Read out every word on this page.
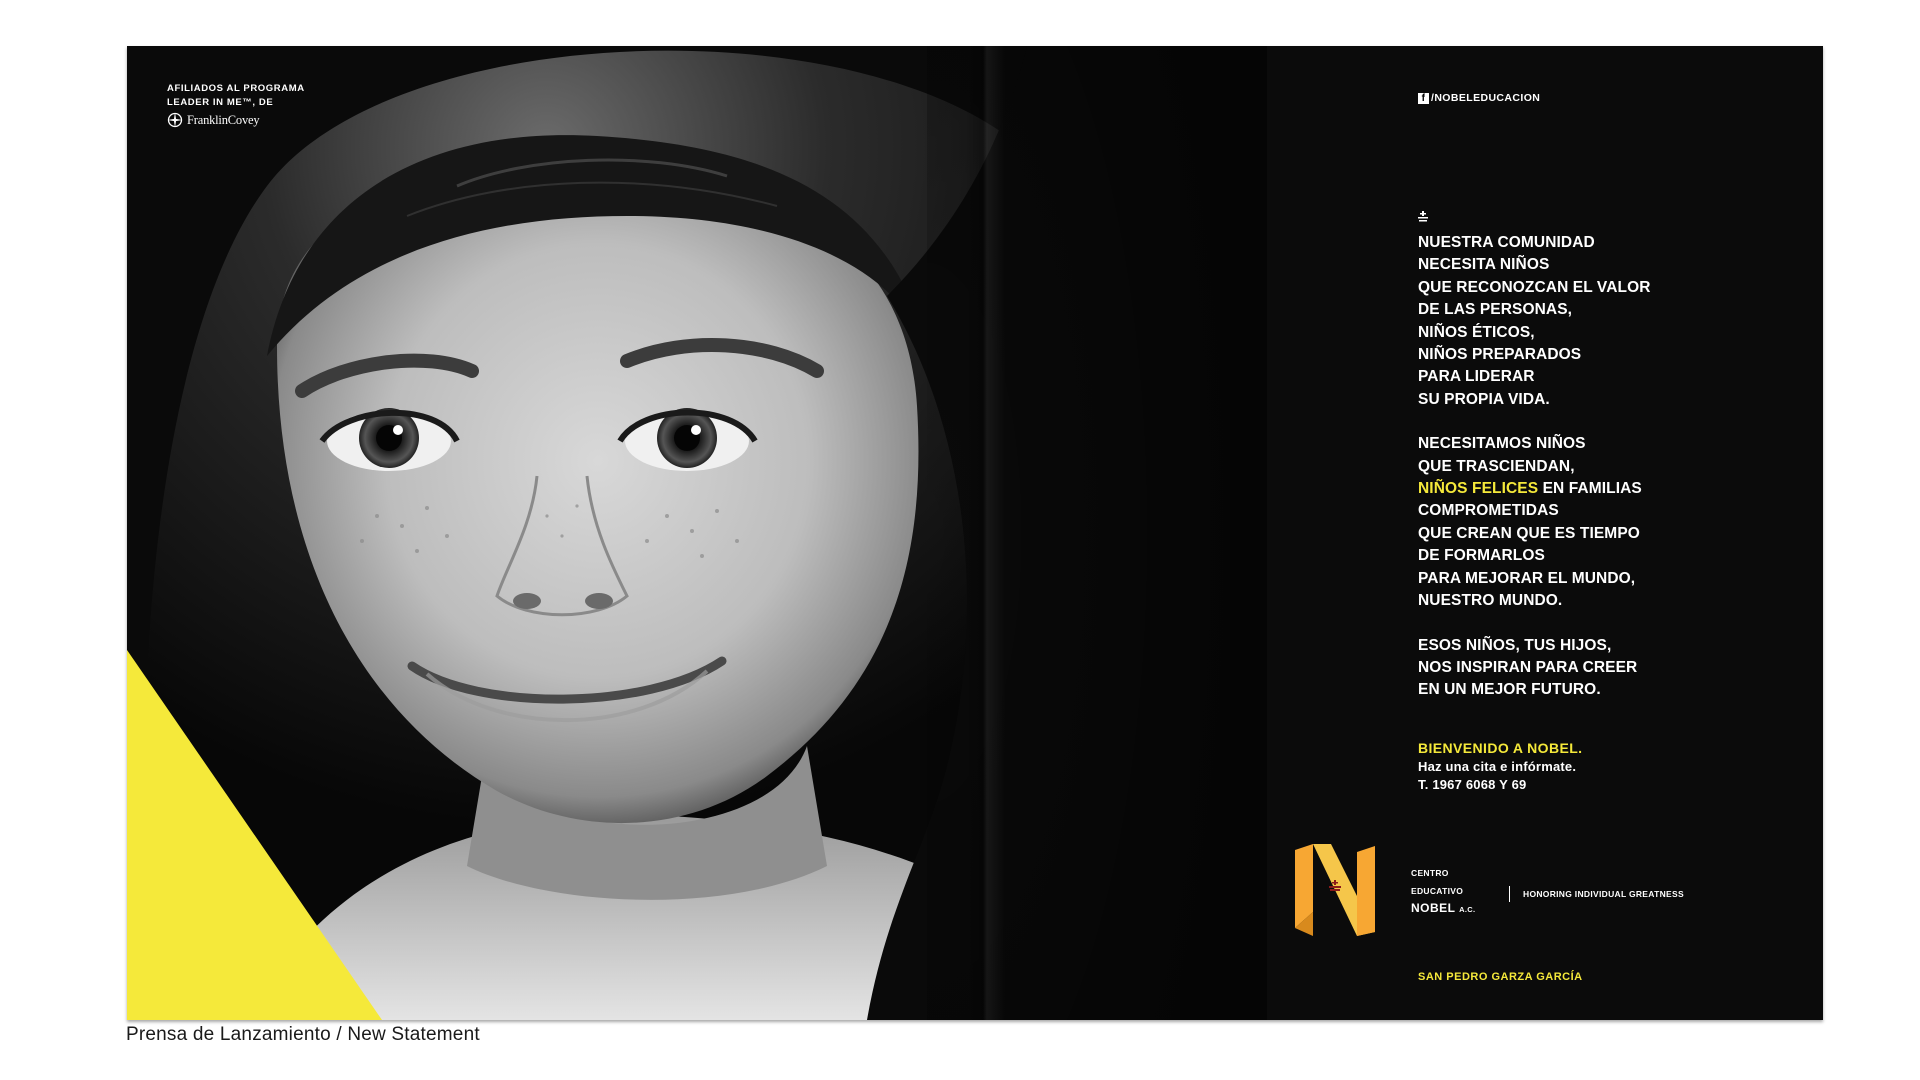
AFILIADOS AL PROGRAMA
LEADER IN ME™, DE
FranklinCovey
f /NOBELEDUCACION
NUESTRA COMUNIDAD
NECESITA NIÑOS
QUE RECONOZCAN EL VALOR
DE LAS PERSONAS,
NIÑOS ÉTICOS,
NIÑOS PREPARADOS
PARA LIDERAR
SU PROPIA VIDA.
NECESITAMOS NIÑOS
QUE TRASCIENDAN,
NIÑOS FELICES EN FAMILIAS
COMPROMETIDAS
QUE CREAN QUE ES TIEMPO
DE FORMARLOS
PARA MEJORAR EL MUNDO,
NUESTRO MUNDO.
ESOS NIÑOS, TUS HIJOS,
NOS INSPIRAN PARA CREER
EN UN MEJOR FUTURO.
BIENVENIDO A NOBEL.
Haz una cita e infórmate.
T. 1967 6068 Y 69
CENTRO
EDUCATIVO
NOBEL A.C.
HONORING INDIVIDUAL GREATNESS
SAN PEDRO GARZA GARCÍA
Prensa de Lanzamiento / New Statement
